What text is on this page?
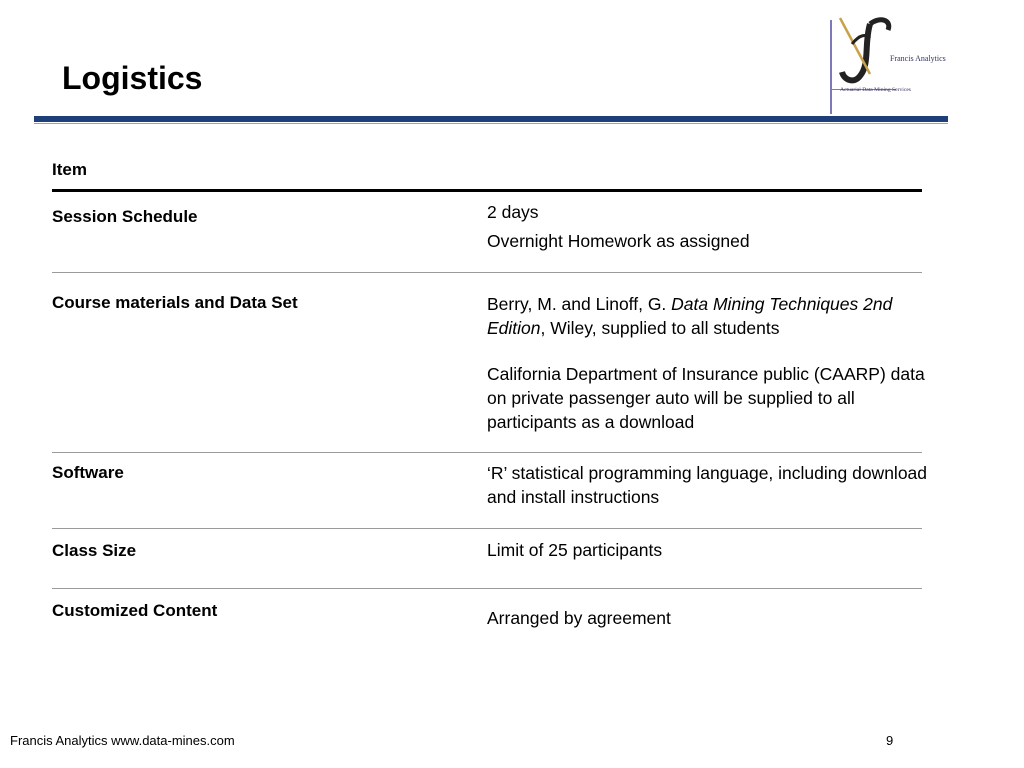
Francis Analytics
Actuarial Data Mining Services
Logistics
Item
Session Schedule	2 days

Overnight Homework as assigned

Course materials and Data Set	Berry, M. and Linoff, G. Data Mining Techniques 2nd Edition, Wiley, supplied to all students

California Department of Insurance public (CAARP) data on private passenger auto will be supplied to all participants as a download

Software	‘R’ statistical programming language, including download and install instructions
Class Size	Limit of 25 participants
Customized Content	Arranged by agreement
Francis Analytics www.data-mines.com	9
